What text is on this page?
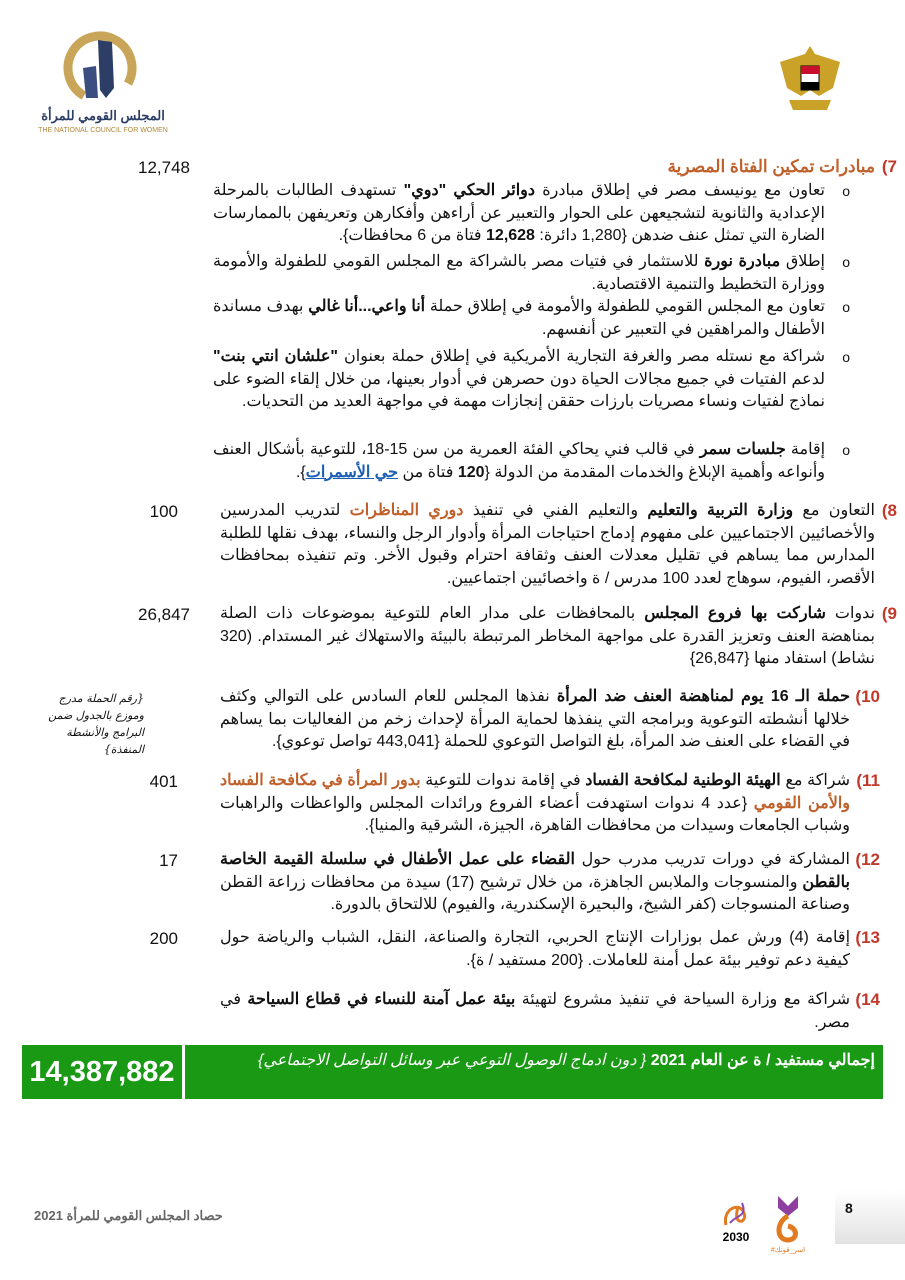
المجلس القومي للمرأة
THE NATIONAL COUNCIL FOR WOMEN
7)
مبادرات تمكين الفتاة المصرية
12,748
{رقم الحملة مدرج وموزع بالجدول ضمن البرامج والأنشطة المنفذة}
14,387,882	إجمالي مستفيد / ة عن العام 2021 { دون ادماج الوصول التوعي عبر وسائل التواصل الاجتماعي}
حصاد المجلس القومي للمرأة 2021
2030
#اسر_قوتك
8
o
تعاون مع يونيسف مصر في إطلاق مبادرة دوائر الحكي "دوي" تستهدف الطالبات بالمرحلة الإعدادية والثانوية لتشجيعهن على الحوار والتعبير عن أراءهن وأفكارهن وتعريفهن بالممارسات الضارة التي تمثل عنف ضدهن {1,280 دائرة: 12,628 فتاة من 6 محافظات}.
o
إطلاق مبادرة نورة للاستثمار في فتيات مصر بالشراكة مع المجلس القومي للطفولة والأمومة ووزارة التخطيط والتنمية الاقتصادية.
o
تعاون مع المجلس القومي للطفولة والأمومة في إطلاق حملة أنا واعي...أنا غالي بهدف مساندة الأطفال والمراهقين في التعبير عن أنفسهم.
o
شراكة مع نستله مصر والغرفة التجارية الأمريكية في إطلاق حملة بعنوان "علشان انتي بنت" لدعم الفتيات في جميع مجالات الحياة دون حصرهن في أدوار بعينها، من خلال إلقاء الضوء على نماذج لفتيات ونساء مصريات بارزات حققن إنجازات مهمة في مواجهة العديد من التحديات.
o
إقامة جلسات سمر في قالب فني يحاكي الفئة العمرية من سن 15-18، للتوعية بأشكال العنف وأنواعه وأهمية الإبلاغ والخدمات المقدمة من الدولة {120 فتاة من حي الأسمرات}.
8)
التعاون مع وزارة التربية والتعليم والتعليم الفني في تنفيذ دوري المناظرات لتدريب المدرسين والأخصائيين الاجتماعيين على مفهوم إدماج احتياجات المرأة وأدوار الرجل والنساء، بهدف نقلها للطلبة المدارس مما يساهم في تقليل معدلات العنف وثقافة احترام وقبول الأخر. وتم تنفيذه بمحافظات الأقصر، الفيوم، سوهاج لعدد 100 مدرس / ة واخصائيين اجتماعيين.
100
9)
ندوات شاركت بها فروع المجلس بالمحافظات على مدار العام للتوعية بموضوعات ذات الصلة بمناهضة العنف وتعزيز القدرة على مواجهة المخاطر المرتبطة بالبيئة والاستهلاك غير المستدام. (320 نشاط) استفاد منها {26,847}
26,847
10)
حملة الـ 16 يوم لمناهضة العنف ضد المرأة نفذها المجلس للعام السادس على التوالي وكثف خلالها أنشطته التوعوية وبرامجه التي ينفذها لحماية المرأة لإحداث زخم من الفعاليات بما يساهم في القضاء على العنف ضد المرأة، بلغ التواصل التوعوي للحملة {443,041 تواصل توعوي}.
11)
شراكة مع الهيئة الوطنية لمكافحة الفساد في إقامة ندوات للتوعية بدور المرأة في مكافحة الفساد والأمن القومي {عدد 4 ندوات استهدفت أعضاء الفروع ورائدات المجلس والواعظات والراهبات وشباب الجامعات وسيدات من محافظات القاهرة، الجيزة، الشرقية والمنيا}.
401
12)
المشاركة في دورات تدريب مدرب حول القضاء على عمل الأطفال في سلسلة القيمة الخاصة بالقطن والمنسوجات والملابس الجاهزة، من خلال ترشيح (17) سيدة من محافظات زراعة القطن وصناعة المنسوجات (كفر الشيخ، والبحيرة الإسكندرية، والفيوم) للالتحاق بالدورة.
17
13)
إقامة (4) ورش عمل بوزارات الإنتاج الحربي، التجارة والصناعة، النقل، الشباب والرياضة حول كيفية دعم توفير بيئة عمل أمنة للعاملات. {200 مستفيد / ة}.
200
14)
شراكة مع وزارة السياحة في تنفيذ مشروع لتهيئة بيئة عمل آمنة للنساء في قطاع السياحة في مصر.
